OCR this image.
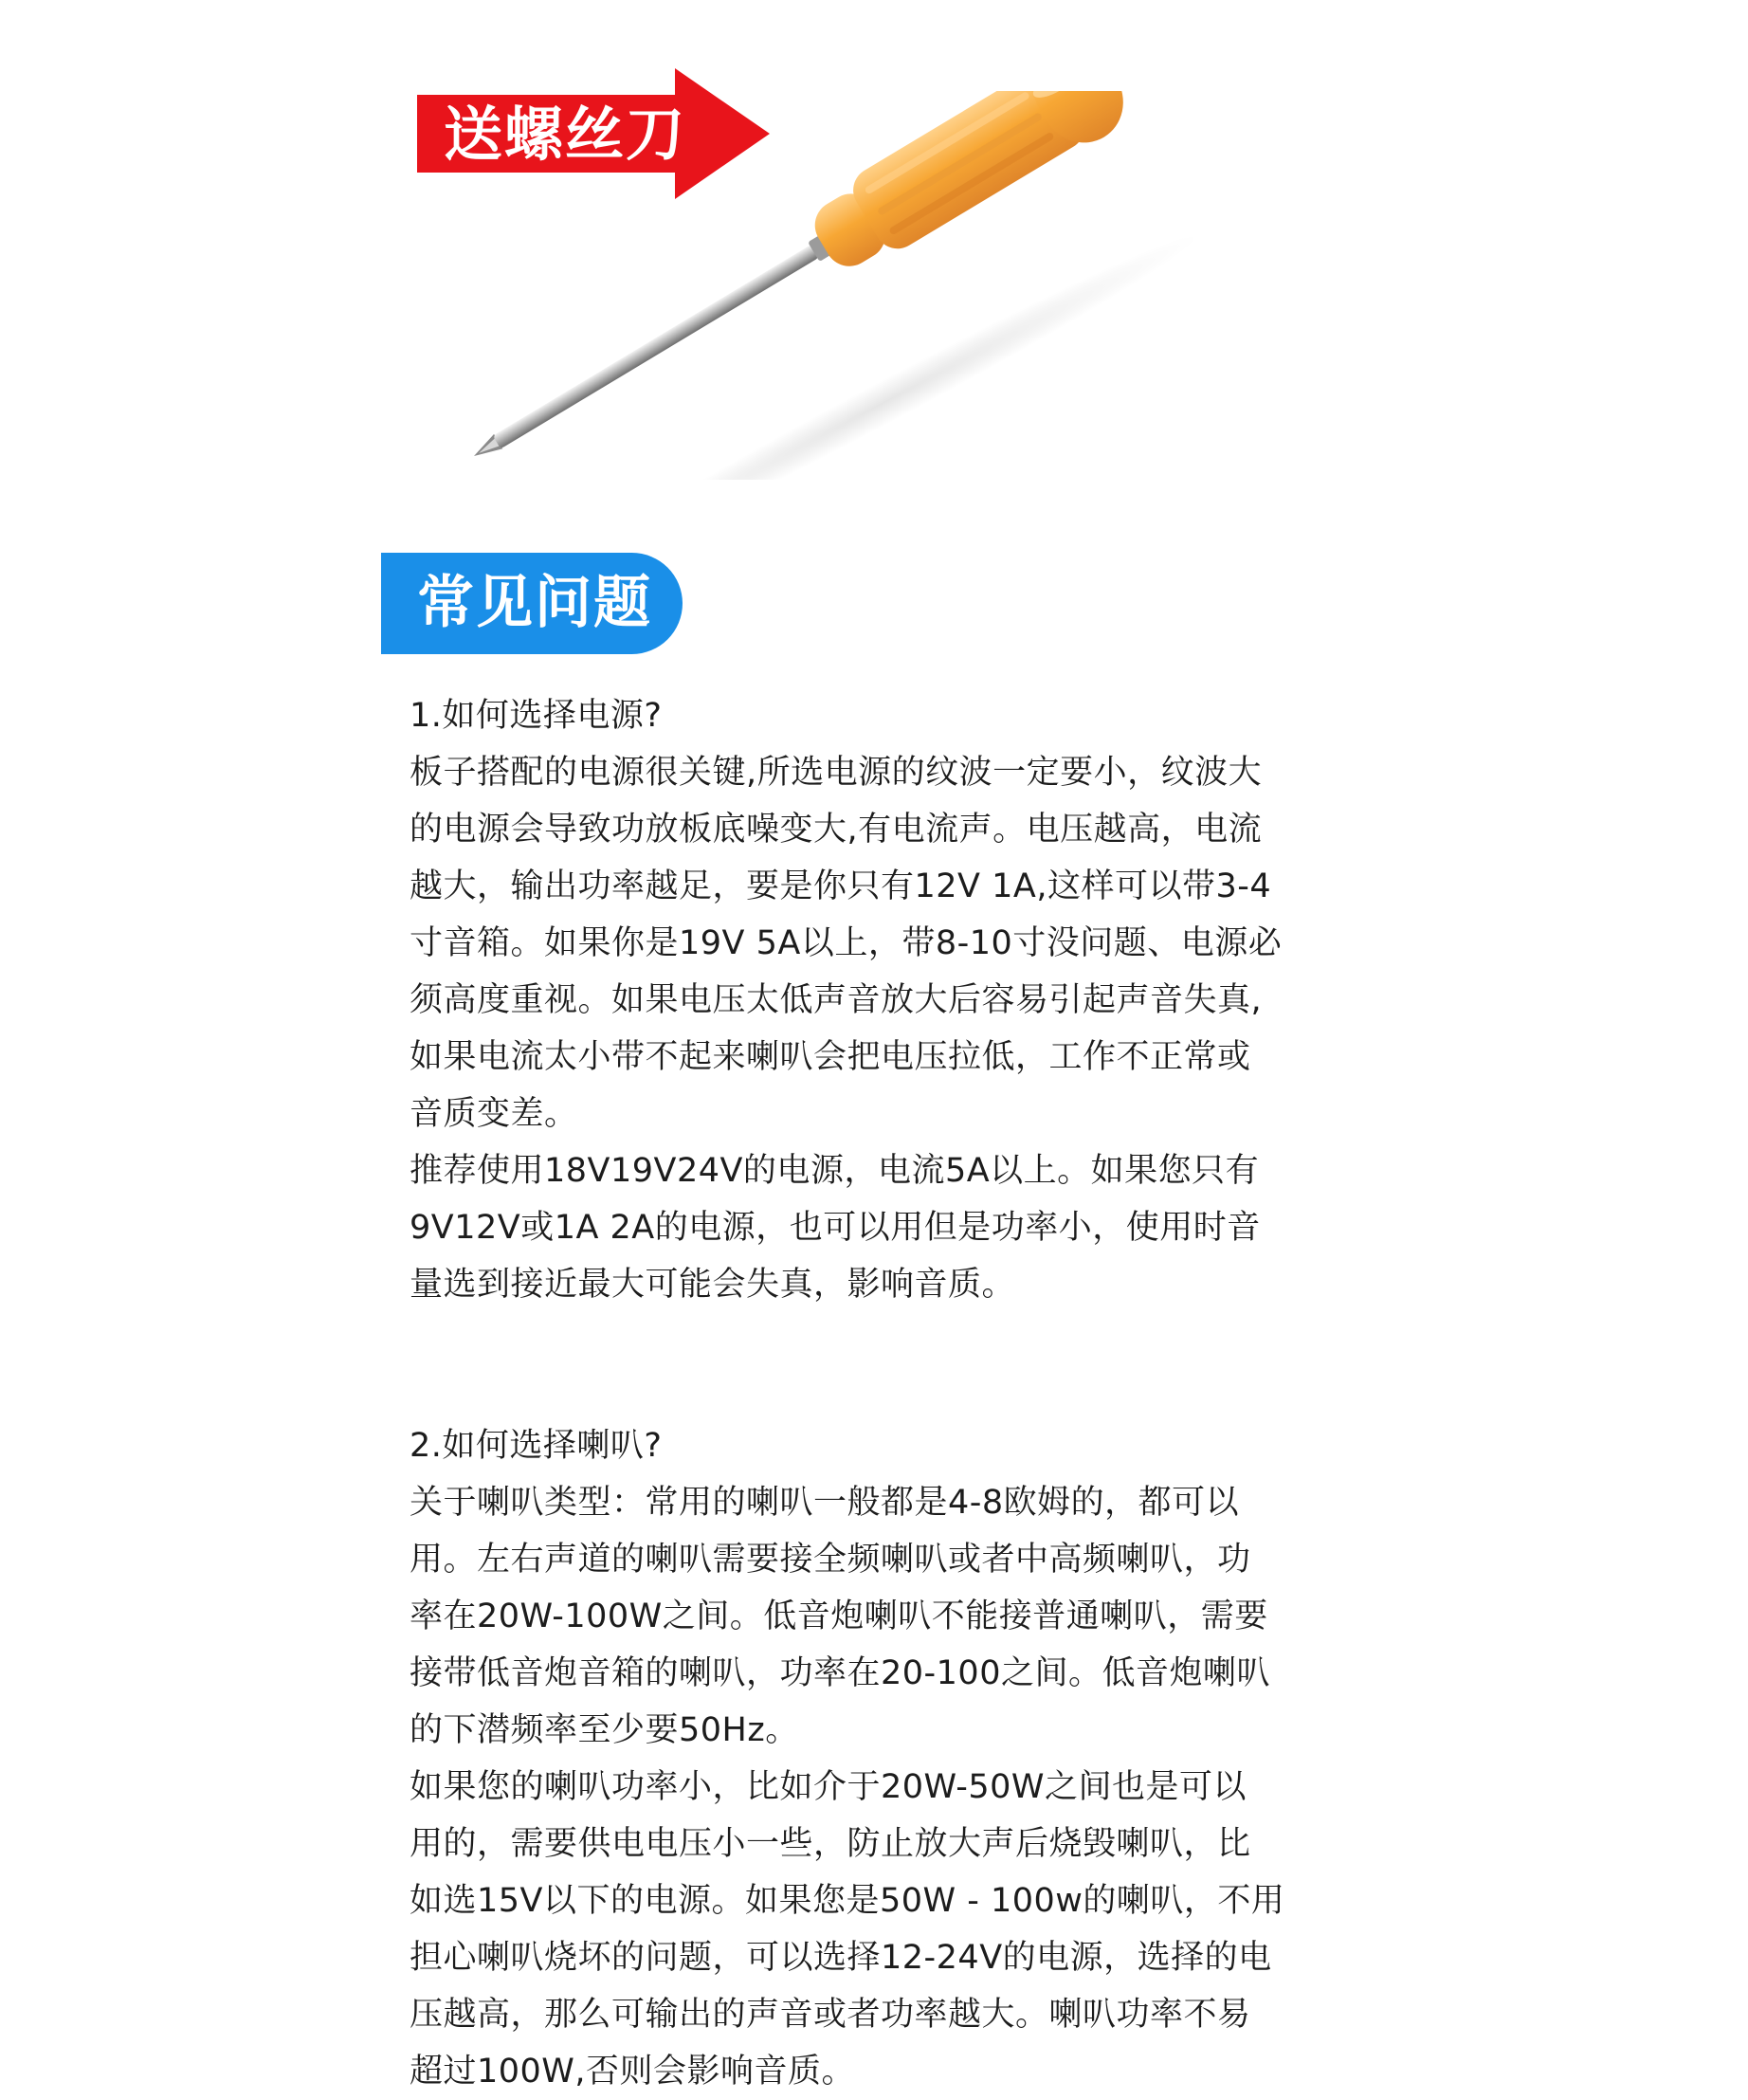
送螺丝刀
常见问题
1.如何选择电源?
板子搭配的电源很关键,所选电源的纹波一定要小，纹波大
的电源会导致功放板底噪变大,有电流声。电压越高，电流
越大，输出功率越足，要是你只有12V 1A,这样可以带3-4
寸音箱。如果你是19V 5A以上，带8-10寸没问题、电源必
须高度重视。如果电压太低声音放大后容易引起声音失真,
如果电流太小带不起来喇叭会把电压拉低，工作不正常或
音质变差。
推荐使用18V19V24V的电源，电流5A以上。如果您只有
9V12V或1A 2A的电源，也可以用但是功率小，使用时音
量选到接近最大可能会失真，影响音质。
2.如何选择喇叭?
关于喇叭类型：常用的喇叭一般都是4-8欧姆的，都可以
用。左右声道的喇叭需要接全频喇叭或者中高频喇叭，功
率在20W-100W之间。低音炮喇叭不能接普通喇叭，需要
接带低音炮音箱的喇叭，功率在20-100之间。低音炮喇叭
的下潜频率至少要50Hz。
如果您的喇叭功率小，比如介于20W-50W之间也是可以
用的，需要供电电压小一些，防止放大声后烧毁喇叭，比
如选15V以下的电源。如果您是50W - 100w的喇叭，不用
担心喇叭烧坏的问题，可以选择12-24V的电源，选择的电
压越高，那么可输出的声音或者功率越大。喇叭功率不易
超过100W,否则会影响音质。
